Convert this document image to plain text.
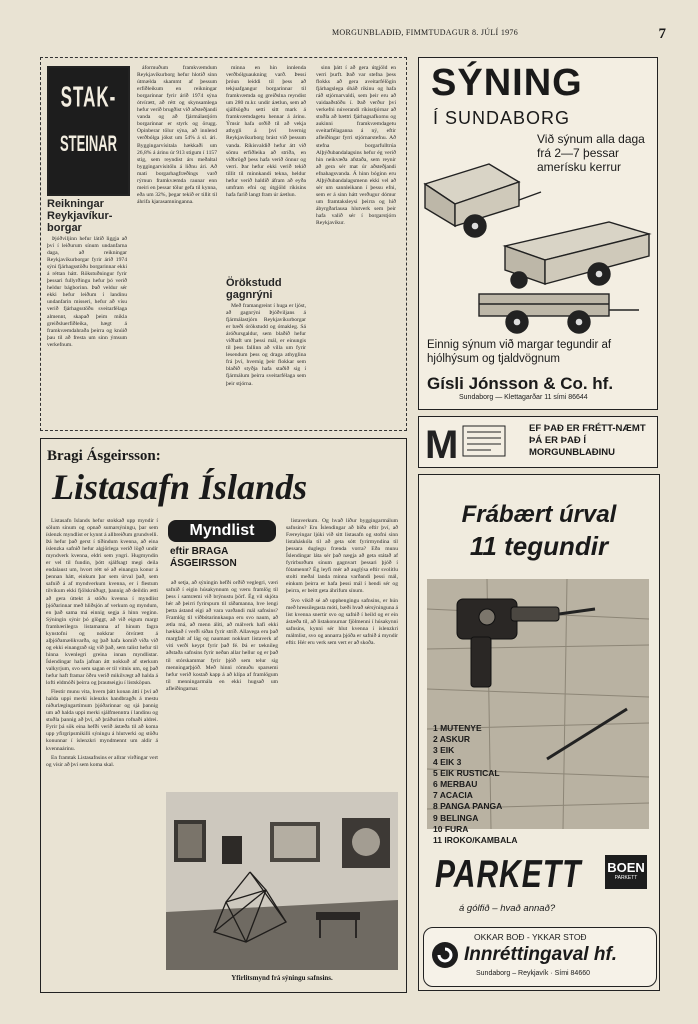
MORGUNBLAÐIÐ, FIMMTUDAGUR 8. JÚLÍ 1976	7
STAK-
STEINAR

Reikningar Reykjavíkur-borgar

Þjóðviljinn hefur látið liggja að því í leiðurum sínum undanfarna daga, að reikningar Reykjavíkurborgar fyrir árið 1974 sýni fjárhagsstöðu borgarinnar ekki á réttan hátt. Rökstuðningur fyrir þessari fullyrðingu hefur þó verið heldur bágborinn. Það veldur sér ekki hefur leiðum í landinu undanfarin misseri, hefur að vísu verið fjárhagsstöðu sveitarfélaga almennt, skapað þeim mikla greiðsluerfiðleika, hægt á framkvæmdahraða þeirra og knúið þau til að fresta um sinn ýmsum verkefnum.

áformuðum framkvæmdum Reykjavíkurborg hefur hlotið sinn útmælda skammt af þessum erfiðleikum en reikningar borgarinnar fyrir árið 1974 sýna ótvírætt, að rétt og skynsamlega hefur verið brugðist við aðsteðjandi vanda og að fjármálastjórn borgarinnar er styrk og örugg. Opinberar tölur sýna, að innlend verðbólga jókst um 54% á sl. ári. Byggingarvísitala hækkaði um 26,8% á árinu úr 913 stigum í 1157 stig, sem reyndist árs meðaltal byggingarvísitölu á liðnu ári. Að mati borgarhagfræðings varð rýrnun framkvæmda raunar enn meiri en þessar tölur gefa til kynna, eða um 32%, þegar tekið er tillit til áhrifa kjarasamninganna.

minna en hin innlenda verðbólguaukning varð. Þessi þróun leiddi til þess að tekjuafgangur borgarinnar til framkvæmda og greiðslna reyndist um 280 m.kr. undir áætlun, sem að sjálfsögðu setti sitt mark á framkvæmdagetu hennar á árinu. Ýmsir hafa orðið til að vekja athygli á því hvernig Reykjavíkurborg brást við þessum vanda. Ríkisvaldið hefur átt við sömu erfiðleika að stríða, en viðbrögð þess hafa verið önnur og verri. Þar hefur ekki verið tekið tillit til minnkandi tekna, heldur hefur verið haldið áfram að eyða umfram efni og útgjöld ríkisins hafa farið langt fram úr áætlun.

Örökstudd gagnrýni

Með framangreint í huga er ljóst, að gagnrýni Þjóðviljans á fjármálastjórn Reykjavíkurborgar er bæði órökstudd og ómakleg. Sá áróðursgaldur, sem blaðið hefur viðhaft um þessi mál, er einungis til þess fallinn að villa um fyrir lesendum þess og draga athyglina frá því, hvernig þeir flokkar sem blaðið styðja hafa staðið sig í fjármálum þeirra sveitarfélaga sem þeir stjórna.

sinn þátt í að gera útgjöld en verri þurft. Það var stefna þess flokks að gera aveitarfélögin fjárhagslega óháð ríkinu og hafa ráð stjórnarvaldi, sem þeir eru að vaidaaðstöðu í. Það verður því verkefni núverandi ríkisstjórnar að stuðla að bættri fjárhagsafkomu og aukinni framkvæmdagetu sveitarfélaganna á ný, eftir afleiðingar fyrri stjórnarstefnu. Að stefna borgarfulltrúa Alþýðubandalagsins hefur ég verið hin neikvæða afstaða, sem reynir að gera sér mat úr aðsteðjandi efnahagsvanda. Á hinn bóginn eru Alþýðubandalagsmenn ekki vel að sér um sannleikann í þessu efni, sem er á sinn hátt verðugur dómur um framtaksleysi þeirra og hið ábyrgðarlausa hlutverk sem þeir hafa valið sér í borgarstjórn Reykjavíkur.

SÝNING
Í SUNDABORG
Við sýnum alla daga frá 2—7 þessar amerísku kerrur
Einnig sýnum við margar tegundir af hjólhýsum og tjaldvögnum
Gísli Jónsson & Co. hf.
Sundaborg — Klettagarðar 11 sími 86644
M	EF ÞAÐ ER FRÉTT-NÆMT ÞÁ ER ÞAÐ Í MORGUNBLAÐINU
Bragi Ásgeirsson:
Listasafn Íslands

Listasafn Íslands hefur stokkað upp myndir í sölum sínum og opnað sumarsýningu, þar sem íslenzk myndlist er kynnt á allbreiðum grundvelli. Þá hefur það gerst í tíðindum kvenna, að eina íslenzka safnið hefur algjörlega verið lögð undir myndverk kvenna, eldri sem yngri. Hugmyndin er vel til fundin, þótt sjálfsagt megi deila endalaust um, hvort rétt sé að einangra konur á þennan hátt, einkum þar sem úrval það, sem safnið á af myndverkum kvenna, er í flestum tilvikum ekki fjölskrúðugt, þannig að deildin ætti að gera úttekt á stöðu kvenna í myndlist þjóðarinnar með hliðsjón af verkum og myndum, en það sama má einnig segja á hinn veginn. Sýningin sýnir þó glöggt, að við eigum margt frambærilegra listamanna af hinum fagra kynstofni og nokkrar ötvírætt á alþjóðamælikvarða, og það hafa komið víða við og ekki einangrað sig við það, sem talist hefur til hinna kvenlegri greina innan myndlistar. Íslendingar hafa jafnan átt nokkuð af sterkum valkyrjum, svo sem sagan er til vitnis um, og það hefur haft framar öðru verið mikilvægt að halda á lofti eldmóði þeirra og þrautseigju í listsköpun.

Flestir munu vita, hvern þátt konan átti í því að halda uppi merki íslenzks handbragðs á mestu niðurlægingartímum þjóðarinnar og sjá þannig um að halda uppi merki sjálfmenntra í landinu og stuðla þannig að því, að þráðurinn rofnaði aldrei. Fyrir þá sök eina hefði verið ástæða til að koma upp yfirgripsmikilli sýningu á hlutverki og stöðu konunnar í íslenzkri myndmennt um aldir á kvennaárinu.

En framtak Listasafnsins er allrar virðingar vert og vísir að því sem koma skal.

Myndlist
eftir BRAGA ÁSGEIRSSON

að setja, að sýningin hefði orðið veglegri, væri safnið í eigin húsakynnum og væru framlög til þess í samræmi við brýnustu þörf. Ég vil skjóta hér að þeirri fyrirspurn til ráðamanna, hve lengi þetta ástand eigi að vara varðandi mál safnsins? Framlög til viðbótarinnkaupa eru svo naum, að ætla má, að menn álíti, að málverk hafi ekki hækkað í verði síðan fyrir stríð. Allavega eru það margfalt af lág og naumast nokkurt listaverk af viti verði keypt fyrir það fé. Þá er tæknileg aðstaða safnsins fyrir neðan allar hellur og er það til stórskammar fyrir þjóð sem telur sig menningarþjóð. Með hinni rómuðu sparsemi hefur verið kostað kapp á að klípa af framlögum til menningarmála en ekki hugsað um afleiðingarnar.

listaverkum. Og hvað líður byggingarmálum safnsins? Eru Íslendingar að biða eftir því, að Færeyingar ljúki við sitt listasafn og stofni sinn listaháskóla til að geta sótt fyrirmyndina til þessara duglegu frænda vorra? Eða munu Íslendingar láta sér það nægja að geta státað af fyrirburðum sínum gagnvart þessari þjóð í fótamennt? Ég leyfi mér að auglýsa eftir svolitlu stolti meðal landa minna varðandi þessi mál, einkum þeirra er hafa þessi mál í hendi sér og þeirra, er beitt geta áhrifum sínum.

Svo vikið sé að upphengingu safnsins, er hún með hressilegasta móti, bæði hvað sérsýninguna á list kvenna snertir svo og safnið í heild og er ein ástæða til, að listakonurnar fjölmenni í húsakynni safnsins, kynni sér hlut kvenna í íslenzkri málmlist, svo og annarra þjóða er safnið á myndir eftir. Hér eru verk sem vert er að skoða.

Yfirlitsmynd frá sýningu safnsins.
Frábært úrval
11 tegundir
1 MUTENYE
2 ASKUR
3 EIK
4 EIK 3
5 EIK RUSTICAL
6 MERBAU
7 ACACIA
8 PANGA PANGA
9 BELINGA
10 FURA
11 IROKO/KAMBALA
PARKETT BOEN
PARKETT
á gólfið – hvað annað?
OKKAR BOÐ - YKKAR STOÐ
Innréttingaval hf.
Sundaborg – Reykjavík · Sími 84660
